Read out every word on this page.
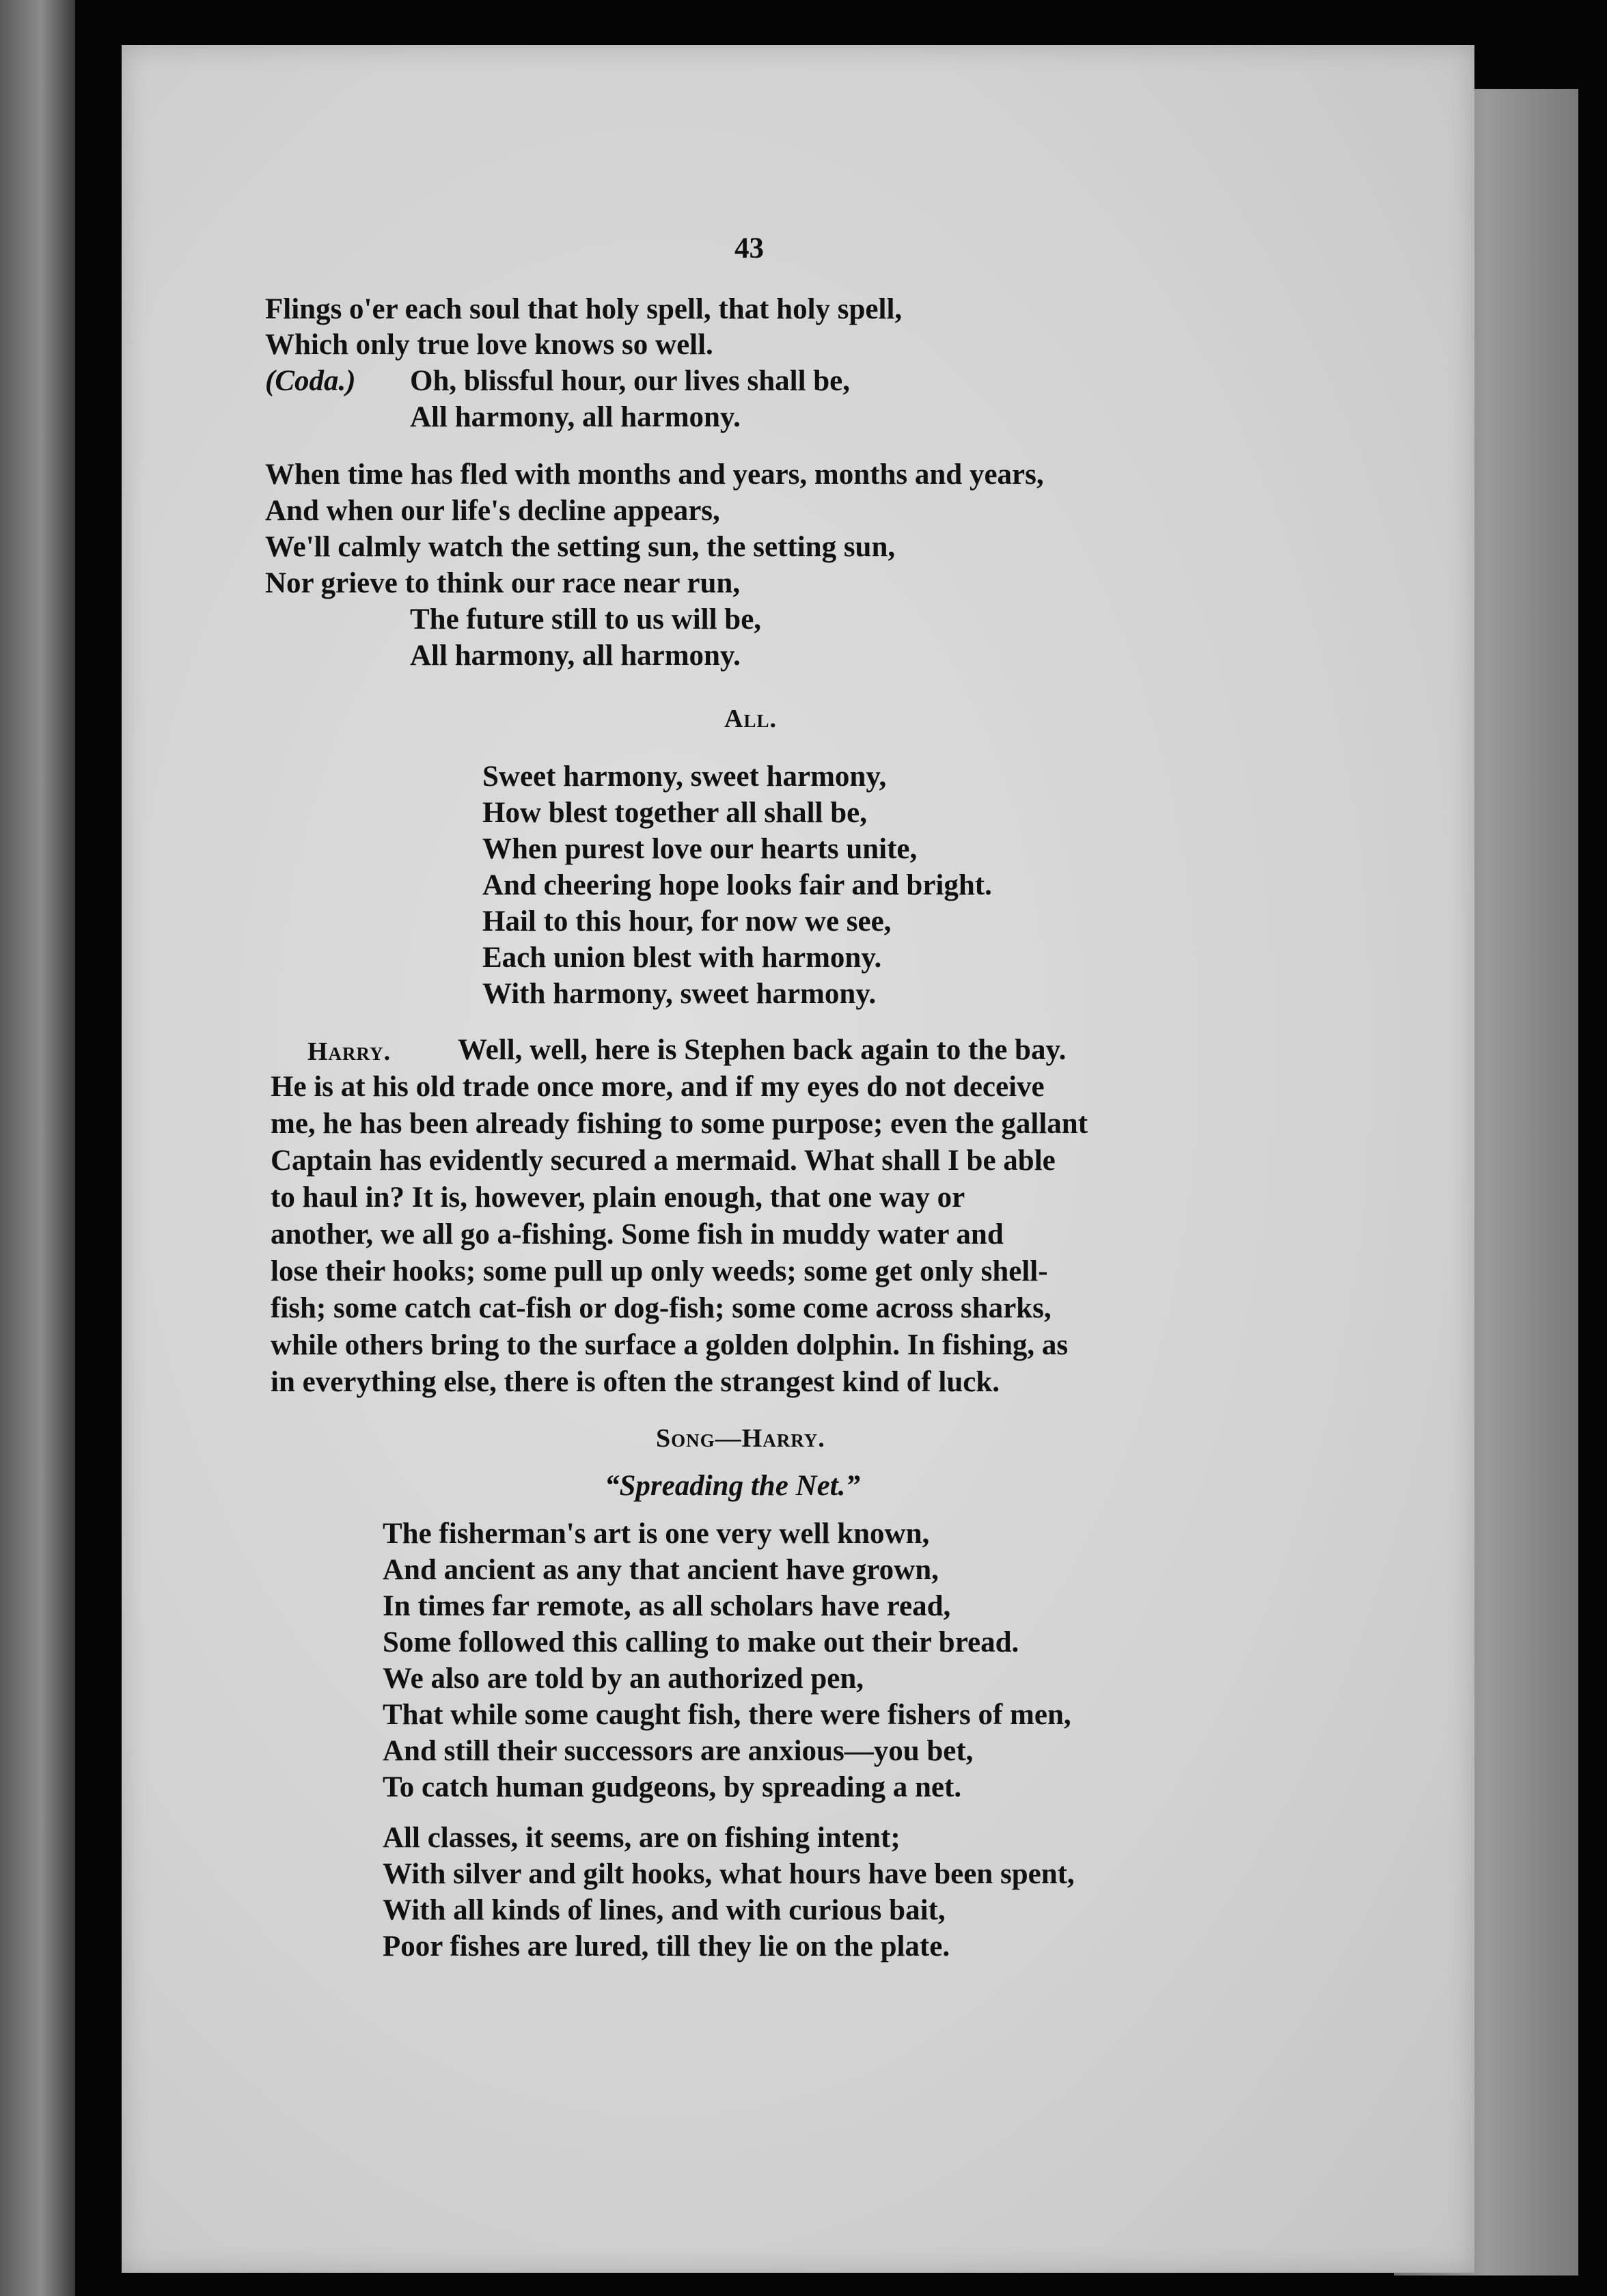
43
Flings o'er each soul that holy spell, that holy spell,
Which only true love knows so well.
(Coda.) Oh, blissful hour, our lives shall be,
All harmony, all harmony.
When time has fled with months and years, months and years,
And when our life's decline appears,
We'll calmly watch the setting sun, the setting sun,
Nor grieve to think our race near run,
The future still to us will be,
All harmony, all harmony.
All.
Sweet harmony, sweet harmony,
How blest together all shall be,
When purest love our hearts unite,
And cheering hope looks fair and bright.
Hail to this hour, for now we see,
Each union blest with harmony.
With harmony, sweet harmony.
Harry. Well, well, here is Stephen back again to the bay.
He is at his old trade once more, and if my eyes do not deceive
me, he has been already fishing to some purpose; even the gallant
Captain has evidently secured a mermaid. What shall I be able
to haul in? It is, however, plain enough, that one way or
another, we all go a-fishing. Some fish in muddy water and
lose their hooks; some pull up only weeds; some get only shell-
fish; some catch cat-fish or dog-fish; some come across sharks,
while others bring to the surface a golden dolphin. In fishing, as
in everything else, there is often the strangest kind of luck.
Song—Harry.
“Spreading the Net.”
The fisherman's art is one very well known,
And ancient as any that ancient have grown,
In times far remote, as all scholars have read,
Some followed this calling to make out their bread.
We also are told by an authorized pen,
That while some caught fish, there were fishers of men,
And still their successors are anxious—you bet,
To catch human gudgeons, by spreading a net.
All classes, it seems, are on fishing intent;
With silver and gilt hooks, what hours have been spent,
With all kinds of lines, and with curious bait,
Poor fishes are lured, till they lie on the plate.
